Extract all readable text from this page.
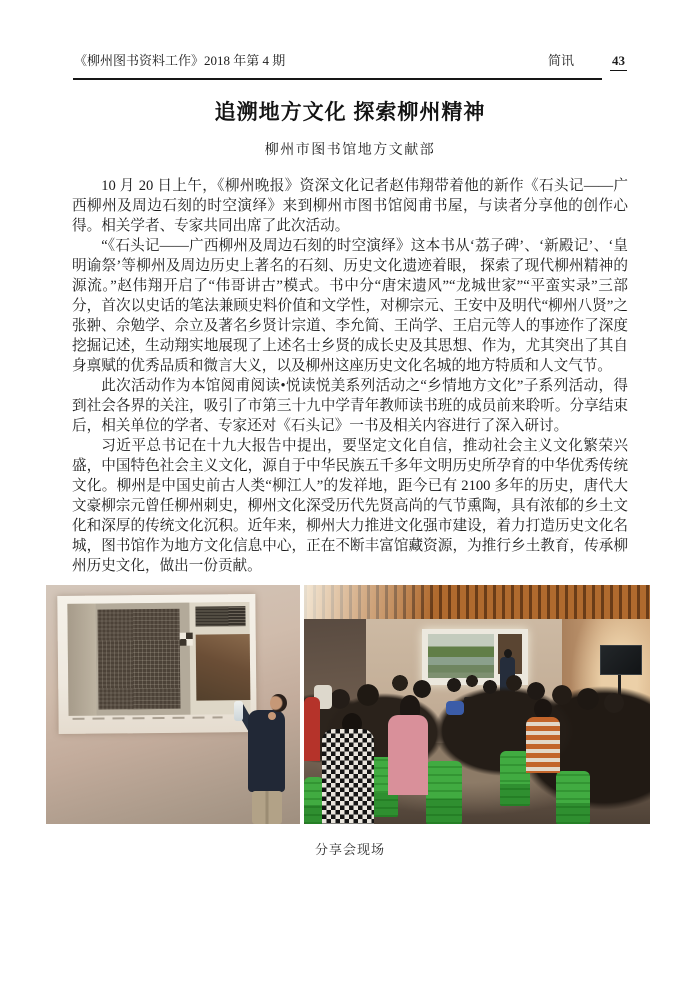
《柳州图书资料工作》2018 年第 4 期	简讯	43
追溯地方文化 探索柳州精神
柳州市图书馆地方文献部

10 月 20 日上午，《柳州晚报》资深文化记者赵伟翔带着他的新作《石头记——广西柳州及周边石刻的时空演绎》来到柳州市图书馆阅甫书屋，与读者分享他的创作心得。相关学者、专家共同出席了此次活动。

“《石头记——广西柳州及周边石刻的时空演绎》这本书从‘荔子碑’、‘新殿记’、‘皇明谕祭’等柳州及周边历史上著名的石刻、历史文化遗迹着眼， 探索了现代柳州精神的源流。”赵伟翔开启了“伟哥讲古”模式。书中分“唐宋遗风”“龙城世家”“平蛮实录”三部分，首次以史话的笔法兼顾史料价值和文学性，对柳宗元、王安中及明代“柳州八贤”之张翀、佘勉学、佘立及著名乡贤计宗道、李允简、王尚学、王启元等人的事迹作了深度挖掘记述，生动翔实地展现了上述名士乡贤的成长史及其思想、作为，尤其突出了其自身禀赋的优秀品质和微言大义，以及柳州这座历史文化名城的地方特质和人文气节。

此次活动作为本馆阅甫阅读•悦读悦美系列活动之“乡情地方文化”子系列活动，得到社会各界的关注，吸引了市第三十九中学青年教师读书班的成员前来聆听。分享结束后，相关单位的学者、专家还对《石头记》一书及相关内容进行了深入研讨。

习近平总书记在十九大报告中提出，要坚定文化自信，推动社会主义文化繁荣兴盛，中国特色社会主义文化，源自于中华民族五千多年文明历史所孕育的中华优秀传统文化。柳州是中国史前古人类“柳江人”的发祥地，距今已有 2100 多年的历史，唐代大文豪柳宗元曾任柳州刺史，柳州文化深受历代先贤高尚的气节熏陶，具有浓郁的乡土文化和深厚的传统文化沉积。近年来，柳州大力推进文化强市建设，着力打造历史文化名城，图书馆作为地方文化信息中心，正在不断丰富馆藏资源，为推行乡土教育，传承柳州历史文化，做出一份贡献。

分享会现场
